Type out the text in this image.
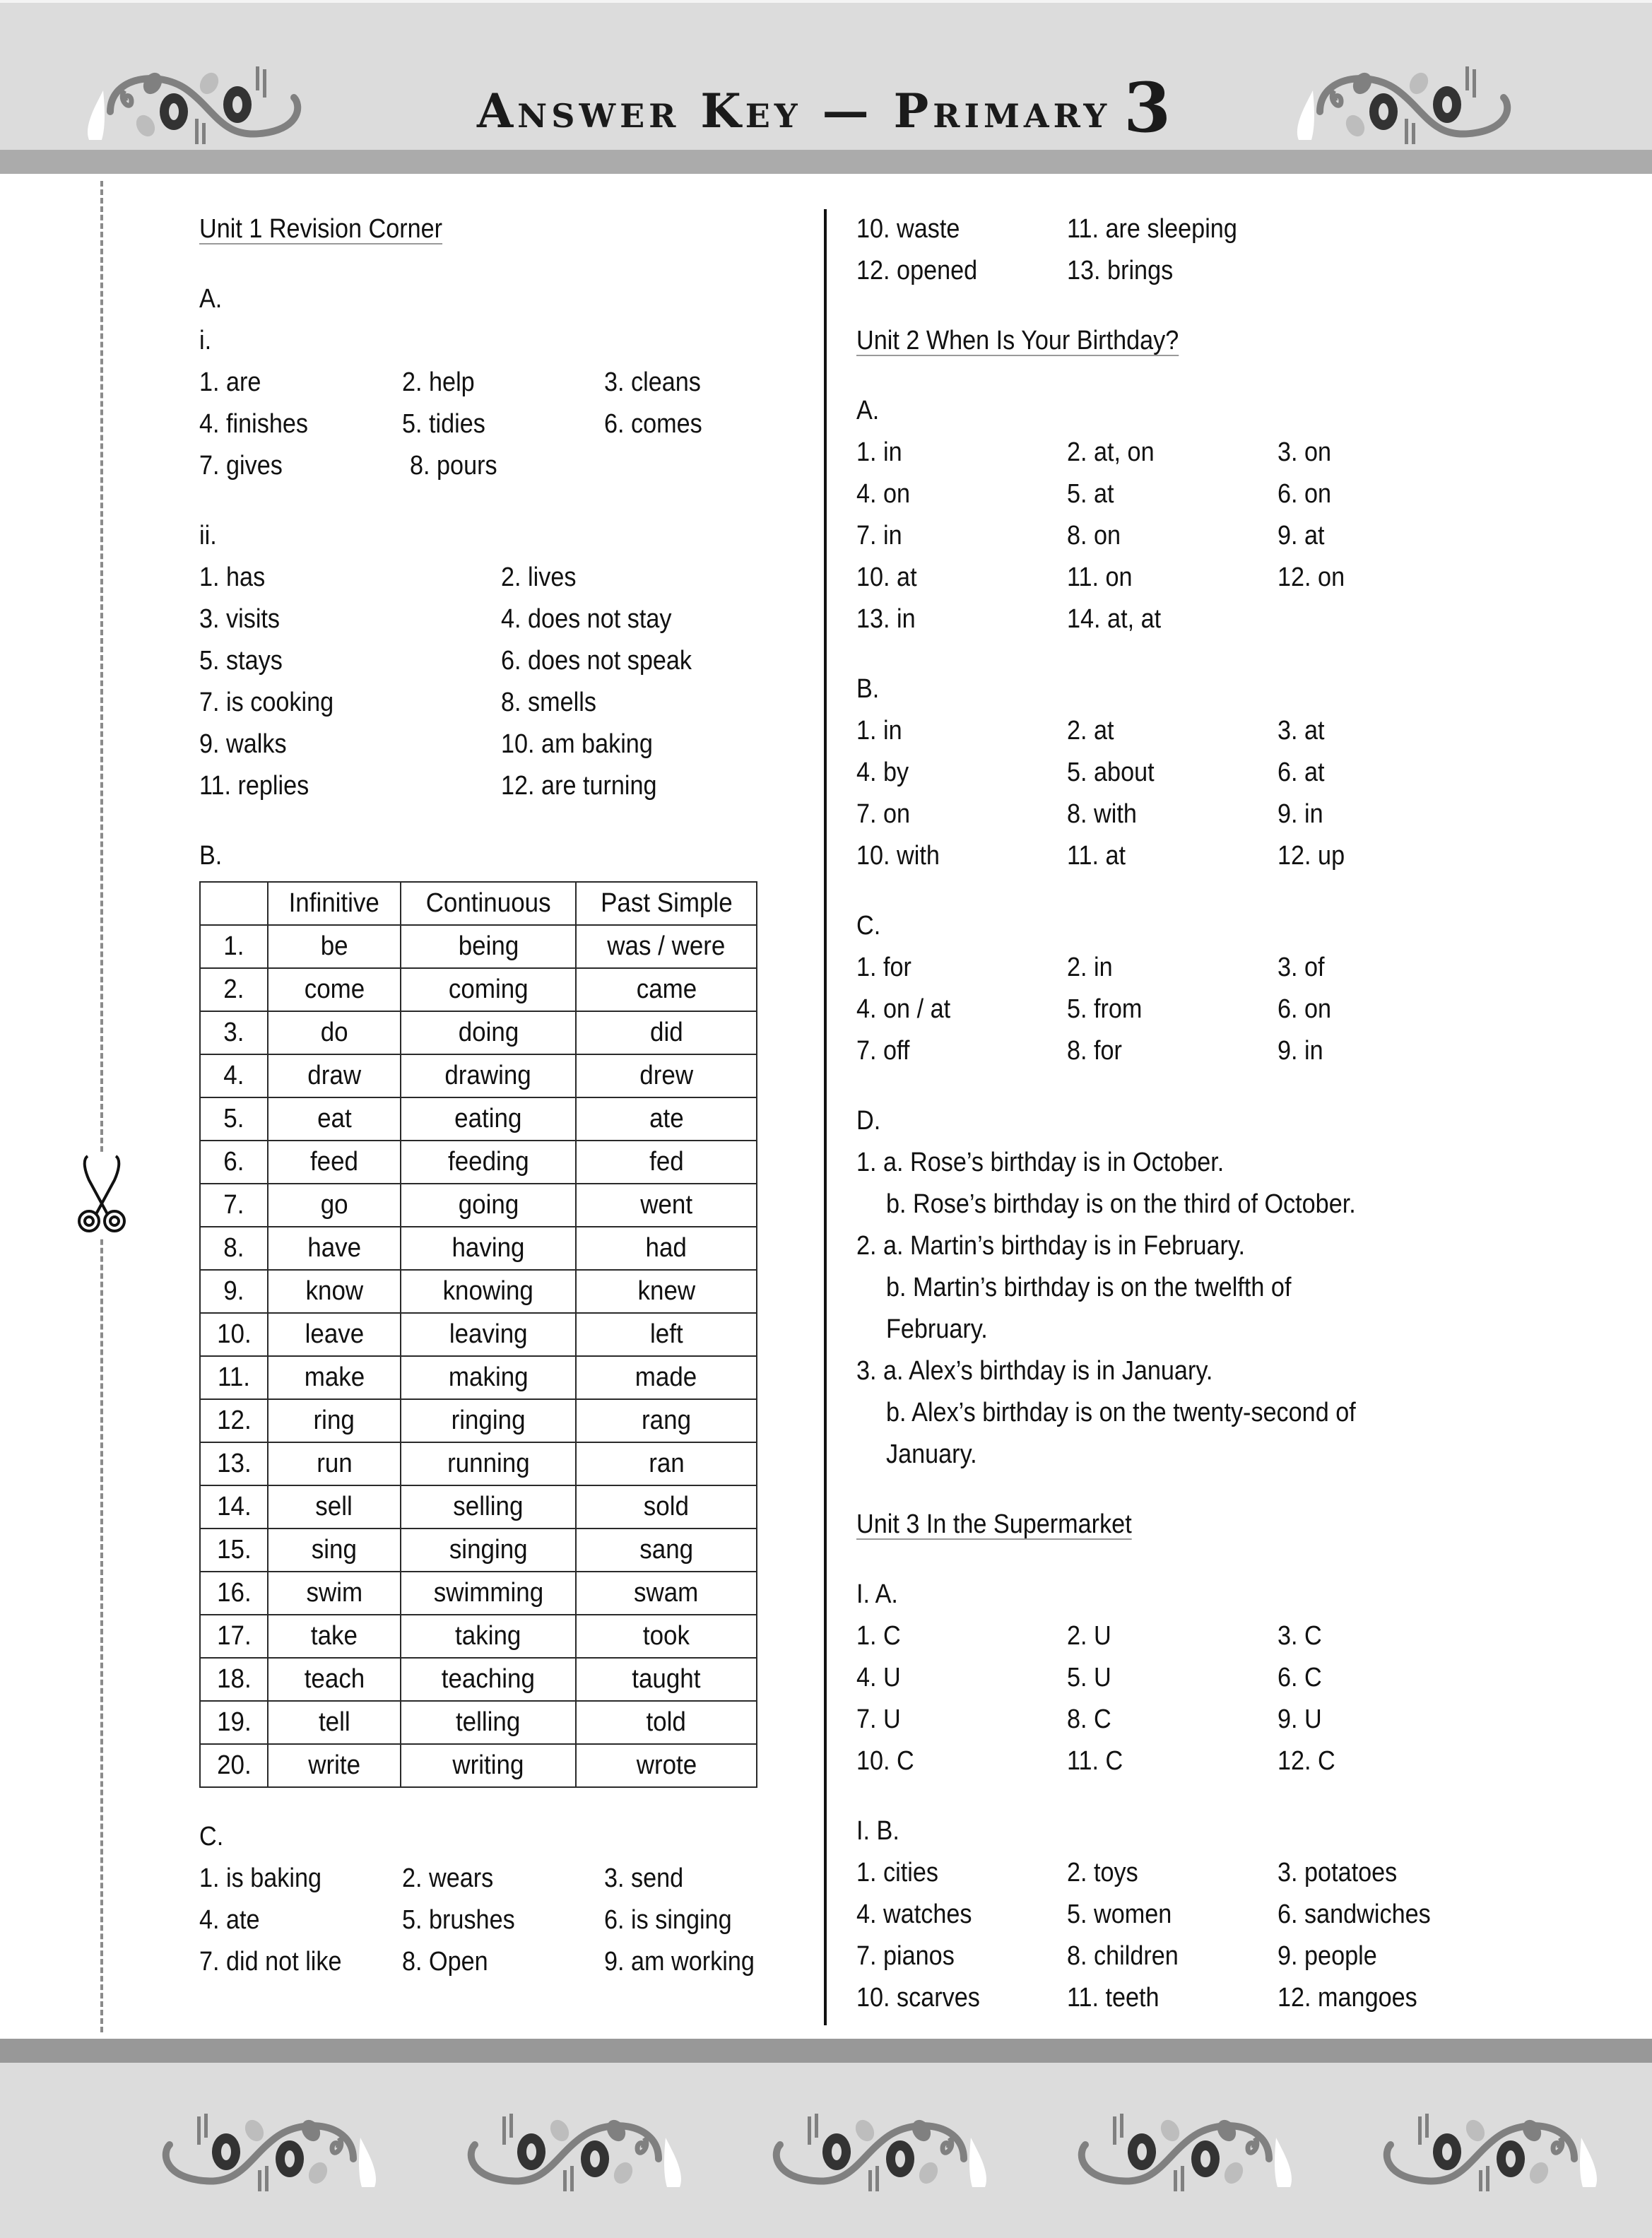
Answer Key — Primary 3
Unit 1 Revision Corner
A.
i.
1. are	2. help	3. cleans
4. finishes	5. tidies	6. comes
7. gives	8. pours
ii.
1. has	2. lives
3. visits	4. does not stay
5. stays	6. does not speak
7. is cooking	8. smells
9. walks	10. am baking
11. replies	12. are turning
B.
	Infinitive	Continuous	Past Simple
1.	be	being	was / were
2.	come	coming	came
3.	do	doing	did
4.	draw	drawing	drew
5.	eat	eating	ate
6.	feed	feeding	fed
7.	go	going	went
8.	have	having	had
9.	know	knowing	knew
10.	leave	leaving	left
11.	make	making	made
12.	ring	ringing	rang
13.	run	running	ran
14.	sell	selling	sold
15.	sing	singing	sang
16.	swim	swimming	swam
17.	take	taking	took
18.	teach	teaching	taught
19.	tell	telling	told
20.	write	writing	wrote
C.
1. is baking	2. wears	3. send
4. ate	5. brushes	6. is singing
7. did not like	8. Open	9. am working
10. waste	11. are sleeping
12. opened	13. brings
Unit 2 When Is Your Birthday?
A.
1. in	2. at, on	3. on
4. on	5. at	6. on
7. in	8. on	9. at
10. at	11. on	12. on
13. in	14. at, at
B.
1. in	2. at	3. at
4. by	5. about	6. at
7. on	8. with	9. in
10. with	11. at	12. up
C.
1. for	2. in	3. of
4. on / at	5. from	6. on
7. off	8. for	9. in
D.
1. a. Rose’s birthday is in October.
b. Rose’s birthday is on the third of October.
2. a. Martin’s birthday is in February.
b. Martin’s birthday is on the twelfth of
February.
3. a. Alex’s birthday is in January.
b. Alex’s birthday is on the twenty-second of
January.
Unit 3 In the Supermarket
I. A.
1. C	2. U	3. C
4. U	5. U	6. C
7. U	8. C	9. U
10. C	11. C	12. C
I. B.
1. cities	2. toys	3. potatoes
4. watches	5. women	6. sandwiches
7. pianos	8. children	9. people
10. scarves	11. teeth	12. mangoes
